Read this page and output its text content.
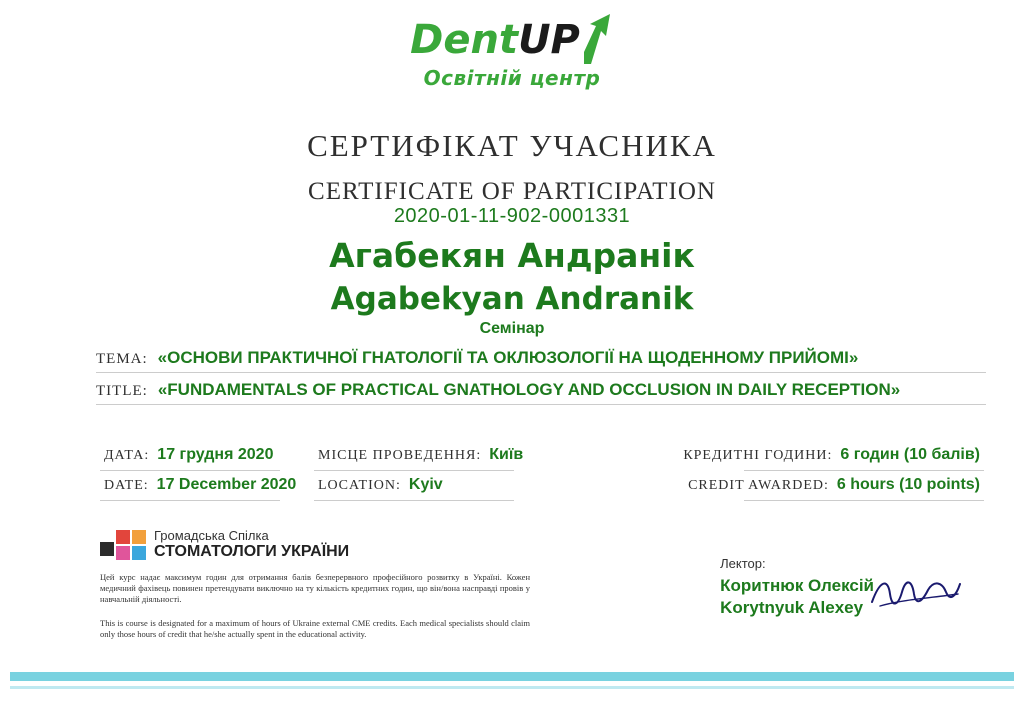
DentUP
Освітній центр
СЕРТИФІКАТ УЧАСНИКА
CERTIFICATE OF PARTICIPATION
2020-01-11-902-0001331
Агабекян Андранік
Agabekyan Andranik
Семінар
ТЕМА: «ОСНОВИ ПРАКТИЧНОЇ ГНАТОЛОГІЇ ТА ОКЛЮЗОЛОГІЇ НА ЩОДЕННОМУ ПРИЙОМІ»
TITLE: «FUNDAMENTALS OF PRACTICAL GNATHOLOGY AND OCCLUSION IN DAILY RECEPTION»
ДАТА: 17 грудня 2020
DATE: 17 December 2020
МІСЦЕ ПРОВЕДЕННЯ: Київ
LOCATION: Kyiv
КРЕДИТНІ ГОДИНИ: 6 годин (10 балів)
CREDIT AWARDED: 6 hours (10 points)
Громадська Спілка
СТОМАТОЛОГИ УКРАЇНИ
Цей курс надає максимум годин для отримання балів безперервного професійного розвитку в Україні. Кожен медичний фахівець повинен претендувати виключно на ту кількість кредитних годин, що він/вона насправді провів у навчальній діяльності.
This is course is designated for a maximum of hours of Ukraine external CME credits. Each medical specialists should claim only those hours of credit that he/she actually spent in the educational activity.
Лектор:
Коритнюк Олексій
Korytnyuk Alexey
